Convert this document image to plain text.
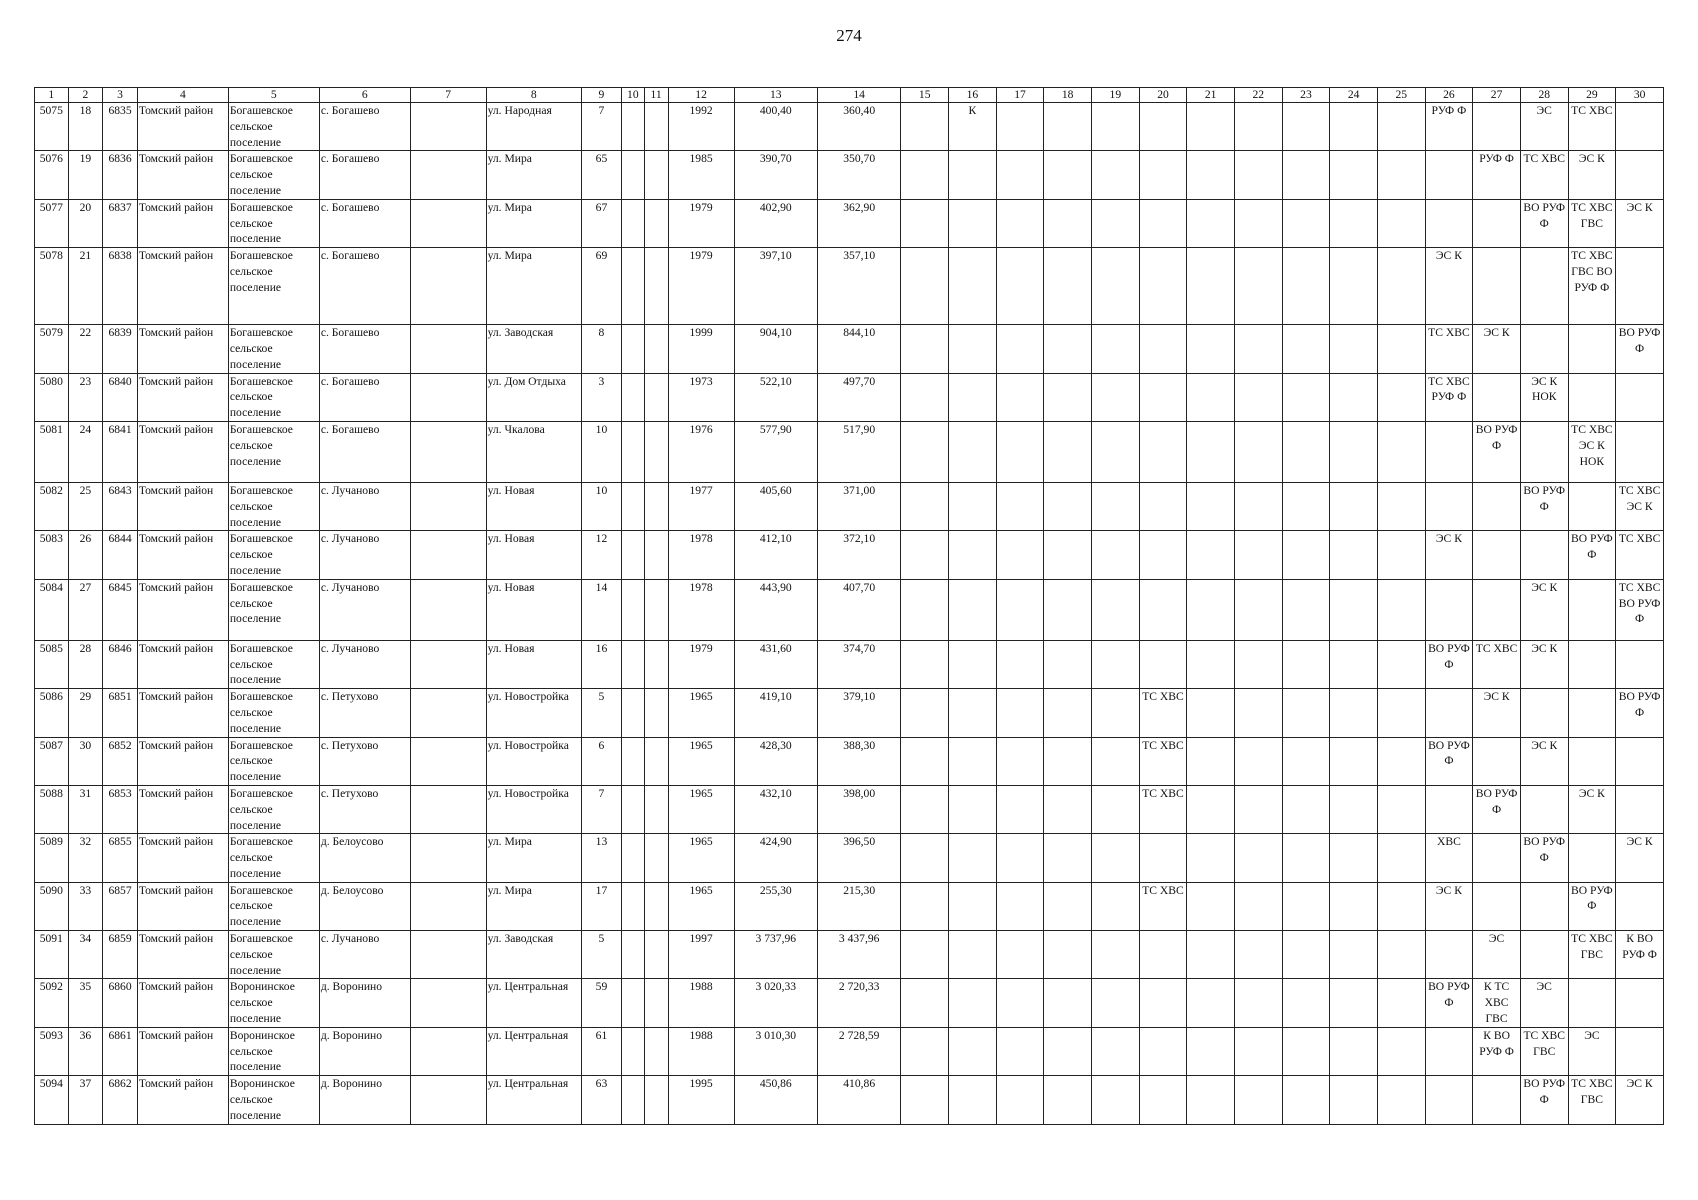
274
1	2	3	4	5	6	7	8	9	10	11	12	13	14	15	16	17	18	19	20	21	22	23	24	25	26	27	28	29	30
5075	18	6835	Томский район	Богашевское сельское поселение	с. Богашево		ул. Народная	7			1992	400,40	360,40		К										РУФ Ф		ЭС	ТС ХВС	
5076	19	6836	Томский район	Богашевское сельское поселение	с. Богашево		ул. Мира	65			1985	390,70	350,70													РУФ Ф	ТС ХВС	ЭС К	
5077	20	6837	Томский район	Богашевское сельское поселение	с. Богашево		ул. Мира	67			1979	402,90	362,90														ВО РУФ Ф	ТС ХВС ГВС	ЭС К
5078	21	6838	Томский район	Богашевское сельское поселение	с. Богашево		ул. Мира	69			1979	397,10	357,10												ЭС К			ТС ХВС ГВС ВО РУФ Ф	
5079	22	6839	Томский район	Богашевское сельское поселение	с. Богашево		ул. Заводская	8			1999	904,10	844,10												ТС ХВС	ЭС К			ВО РУФ Ф
5080	23	6840	Томский район	Богашевское сельское поселение	с. Богашево		ул. Дом Отдыха	3			1973	522,10	497,70												ТС ХВС РУФ Ф		ЭС К НОК		
5081	24	6841	Томский район	Богашевское сельское поселение	с. Богашево		ул. Чкалова	10			1976	577,90	517,90													ВО РУФ Ф		ТС ХВС ЭС К НОК	
5082	25	6843	Томский район	Богашевское сельское поселение	с. Лучаново		ул. Новая	10			1977	405,60	371,00														ВО РУФ Ф		ТС ХВС ЭС К
5083	26	6844	Томский район	Богашевское сельское поселение	с. Лучаново		ул. Новая	12			1978	412,10	372,10												ЭС К			ВО РУФ Ф	ТС ХВС
5084	27	6845	Томский район	Богашевское сельское поселение	с. Лучаново		ул. Новая	14			1978	443,90	407,70														ЭС К		ТС ХВС ВО РУФ Ф
5085	28	6846	Томский район	Богашевское сельское поселение	с. Лучаново		ул. Новая	16			1979	431,60	374,70												ВО РУФ Ф	ТС ХВС	ЭС К		
5086	29	6851	Томский район	Богашевское сельское поселение	с. Петухово		ул. Новостройка	5			1965	419,10	379,10						ТС ХВС							ЭС К			ВО РУФ Ф
5087	30	6852	Томский район	Богашевское сельское поселение	с. Петухово		ул. Новостройка	6			1965	428,30	388,30						ТС ХВС						ВО РУФ Ф		ЭС К		
5088	31	6853	Томский район	Богашевское сельское поселение	с. Петухово		ул. Новостройка	7			1965	432,10	398,00						ТС ХВС							ВО РУФ Ф		ЭС К	
5089	32	6855	Томский район	Богашевское сельское поселение	д. Белоусово		ул. Мира	13			1965	424,90	396,50												ХВС		ВО РУФ Ф		ЭС К
5090	33	6857	Томский район	Богашевское сельское поселение	д. Белоусово		ул. Мира	17			1965	255,30	215,30						ТС ХВС						ЭС К			ВО РУФ Ф	
5091	34	6859	Томский район	Богашевское сельское поселение	с. Лучаново		ул. Заводская	5			1997	3 737,96	3 437,96													ЭС		ТС ХВС ГВС	К ВО РУФ Ф
5092	35	6860	Томский район	Воронинское сельское поселение	д. Воронино		ул. Центральная	59			1988	3 020,33	2 720,33												ВО РУФ Ф	К ТС ХВС ГВС	ЭС		
5093	36	6861	Томский район	Воронинское сельское поселение	д. Воронино		ул. Центральная	61			1988	3 010,30	2 728,59													К ВО РУФ Ф	ТС ХВС ГВС	ЭС	
5094	37	6862	Томский район	Воронинское сельское поселение	д. Воронино		ул. Центральная	63			1995	450,86	410,86														ВО РУФ Ф	ТС ХВС ГВС	ЭС К
